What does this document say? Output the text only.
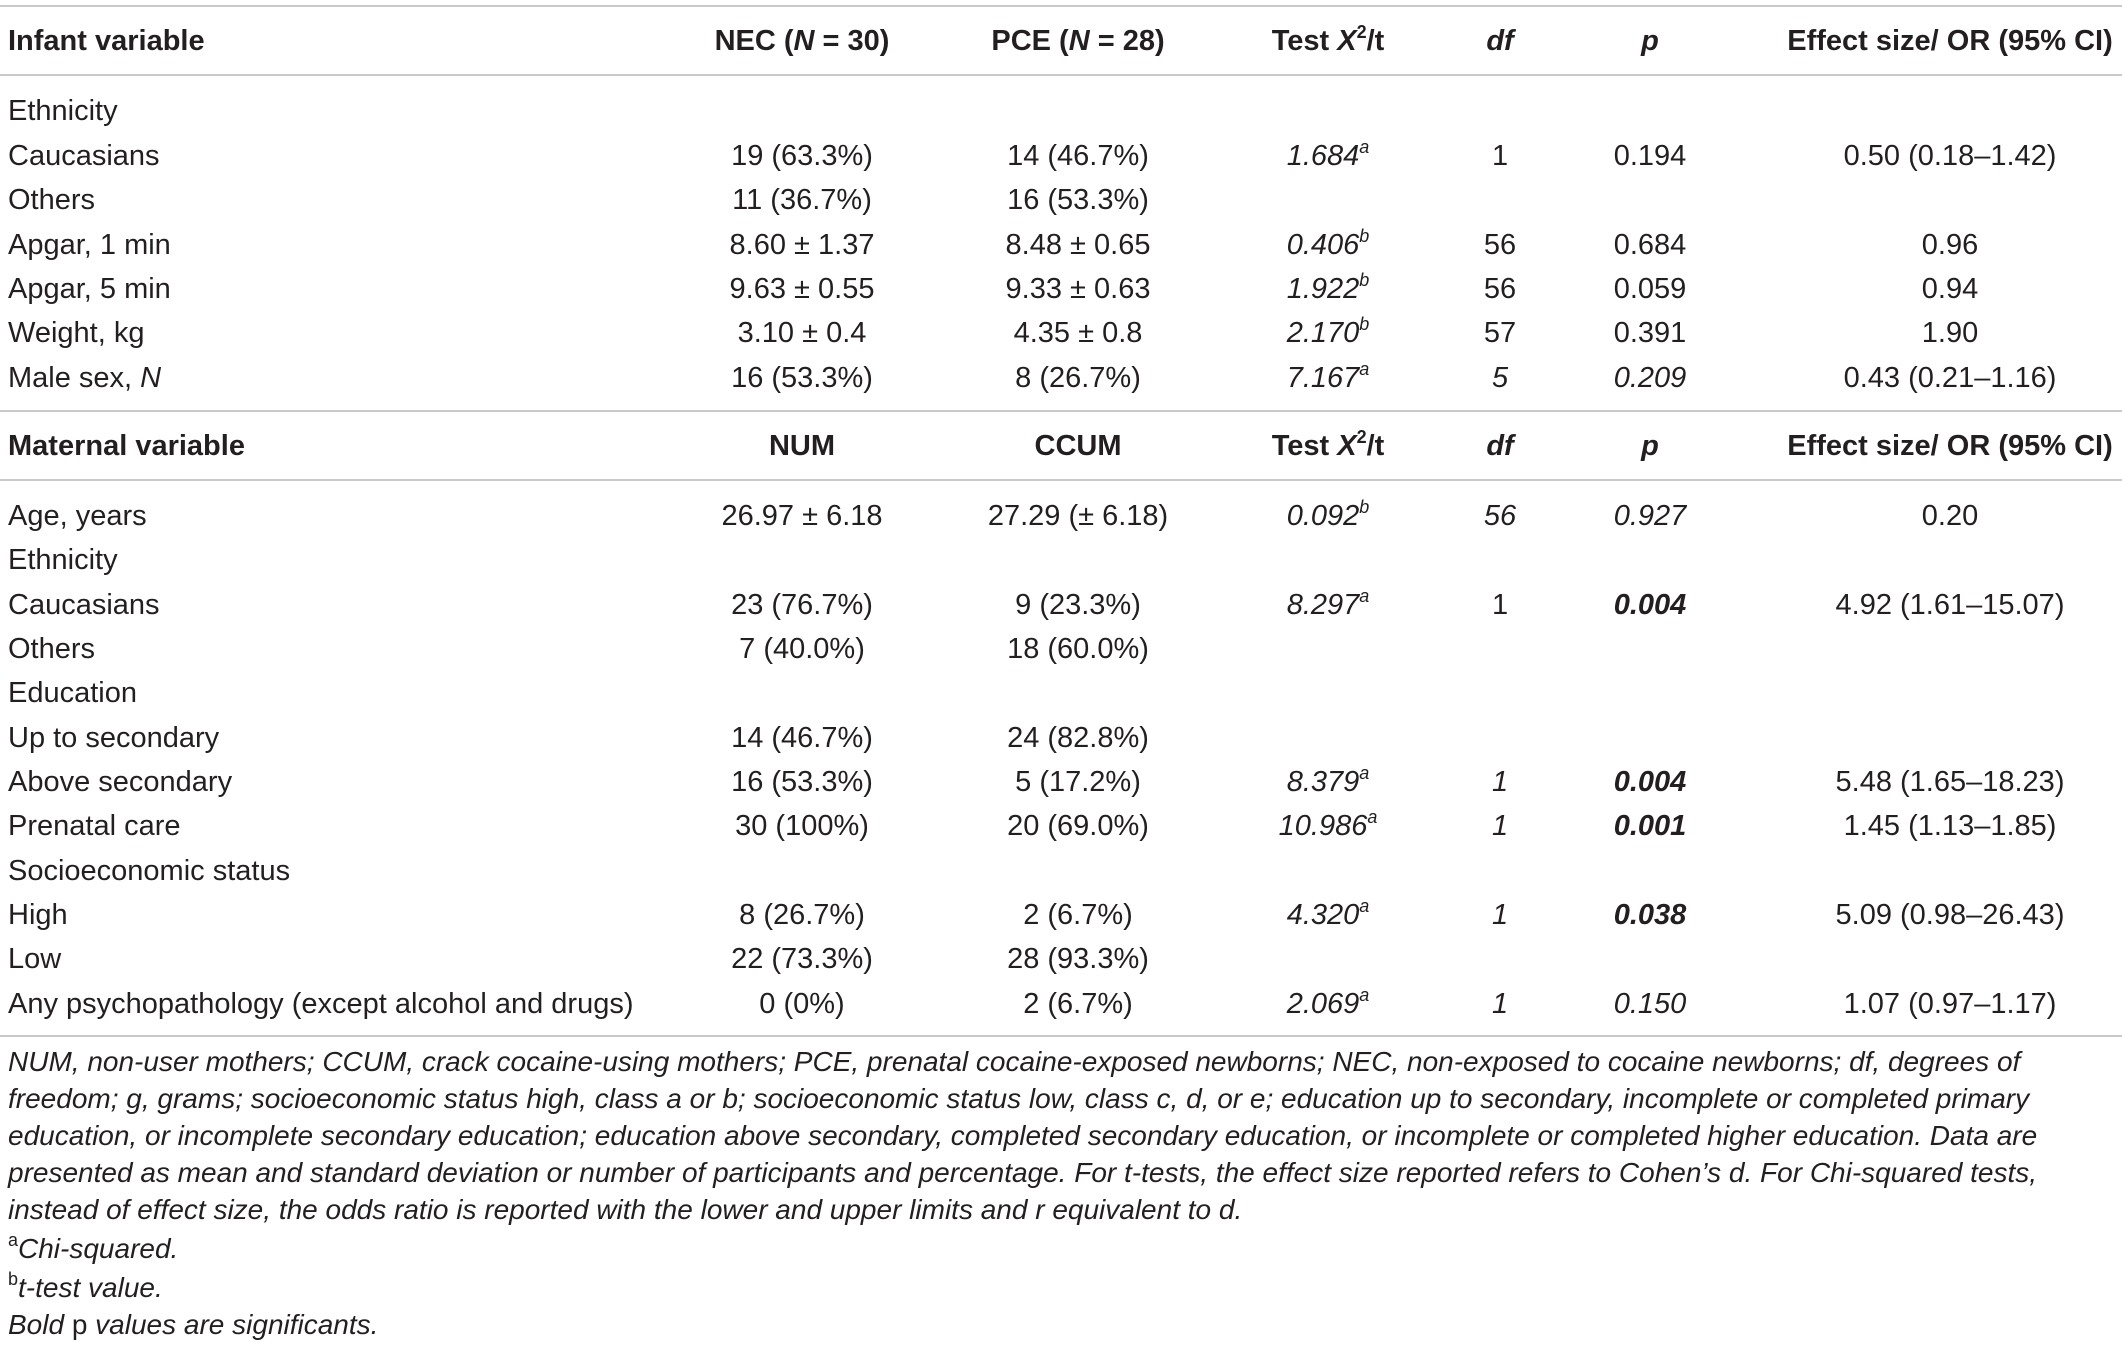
Infant variable	NEC (N = 30)	PCE (N = 28)	Test $X^2/t$	df	p	Effect size/ OR (95% CI)
Ethnicity
Caucasians	19 (63.3%)	14 (46.7%)	1.684$^a$	1	0.194	0.50 (0.18–1.42)
Others	11 (36.7%)	16 (53.3%)
Apgar, 1 min	8.60 ± 1.37	8.48 ± 0.65	0.406$^b$	56	0.684	0.96
Apgar, 5 min	9.63 ± 0.55	9.33 ± 0.63	1.922$^b$	56	0.059	0.94
Weight, kg	3.10 ± 0.4	4.35 ± 0.8	2.170$^b$	57	0.391	1.90
Male sex, N	16 (53.3%)	8 (26.7%)	7.167$^a$	5	0.209	0.43 (0.21–1.16)
Maternal variable	NUM	CCUM	Test $X^2/t$	df	p	Effect size/ OR (95% CI)
Age, years	26.97 ± 6.18	27.29 (± 6.18)	0.092$^b$	56	0.927	0.20
Ethnicity
Caucasians	23 (76.7%)	9 (23.3%)	8.297$^a$	1	0.004	4.92 (1.61–15.07)
Others	7 (40.0%)	18 (60.0%)
Education
Up to secondary	14 (46.7%)	24 (82.8%)
Above secondary	16 (53.3%)	5 (17.2%)	8.379$^a$	1	0.004	5.48 (1.65–18.23)
Prenatal care	30 (100%)	20 (69.0%)	10.986$^a$	1	0.001	1.45 (1.13–1.85)
Socioeconomic status
High	8 (26.7%)	2 (6.7%)	4.320$^a$	1	0.038	5.09 (0.98–26.43)
Low	22 (73.3%)	28 (93.3%)
Any psychopathology (except alcohol and drugs)	0 (0%)	2 (6.7%)	2.069$^a$	1	0.150	1.07 (0.97–1.17)
NUM, non-user mothers; CCUM, crack cocaine-using mothers; PCE, prenatal cocaine-exposed newborns; NEC, non-exposed to cocaine newborns; df, degrees of
freedom; g, grams; socioeconomic status high, class a or b; socioeconomic status low, class c, d, or e; education up to secondary, incomplete or completed primary
education, or incomplete secondary education; education above secondary, completed secondary education, or incomplete or completed higher education. Data are
presented as mean and standard deviation or number of participants and percentage. For t-tests, the effect size reported refers to Cohen’s d. For Chi-squared tests,
instead of effect size, the odds ratio is reported with the lower and upper limits and r equivalent to d.
$^a$Chi-squared.
$^b$t-test value.
Bold p values are significants.
